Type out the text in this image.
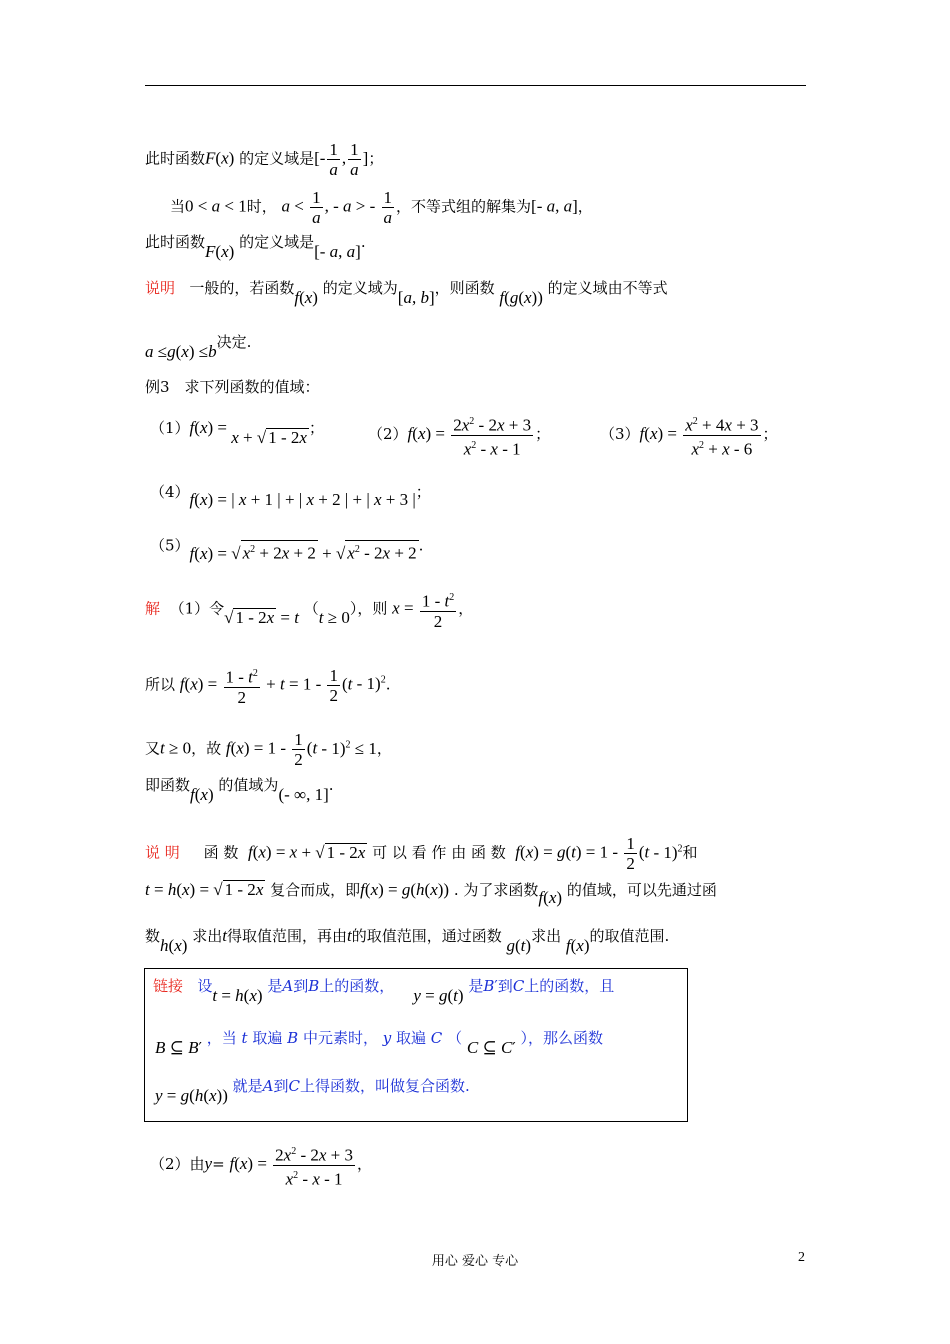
此时函数F(x) 的定义域是[- $\frac{1}{a}$ , $\frac{1}{a}$ ]；
当0 < a < 1时， $a < \frac{1}{a}$ , - a > - $\frac{1}{a}$ ，不等式组的解集为[- a, a]，
此时函数F(x) 的定义域是[- a, a].
说明 一般的，若函数f(x) 的定义域为[a, b]，则函数 f(g(x)) 的定义域由不等式
a ≤g(x) ≤b决定.
例3　求下列函数的值域：
（1）f(x) = x + √ 1 - 2x ；	$(2)f(x) = \frac{2x^2 - 2x + 3}{x^2 - x - 1}$ ；	$(3)f(x) = \frac{x^2 + 4x + 3}{x^2 + x - 6}$ ；
（4）f(x) = | x + 1 | + | x + 2 | + | x + 3 |；
（5）f(x) = √ $x^2 + 2x + 2$ + √ $x^2 - 2x + 2$ .
解 （1）令√ 1 - 2x = t （t ≥ 0），则 $x = \frac{1 - t^2}{2}$ ，
所以 $f(x) = \frac{1 - t^2}{2} + t = 1 - \frac{1}{2} (t - 1)^2$.
又t ≥ 0，故 $f(x) = 1 - \frac{1}{2} (t - 1)^2 \le 1$，
即函数f(x) 的值域为(- ∞, 1].
说 明 函 数 f(x) = x + √ 1 - 2x 可 以 看 作 由 函 数 $f(x) = g(t) = 1 - \frac{1}{2} (t - 1)^2$和
t = h(x) = √ 1 - 2x 复合而成，即f(x) = g(h(x)) . 为了求函数f(x) 的值域，可以先通过函
数h(x) 求出t得取值范围，再由t的取值范围，通过函数 g(t)求出 f(x)的取值范围.
链接 设t = h(x) 是A到B上的函数， y = g(t) 是B′到C上的函数，且
B ⊆ B′ ，当 t 取遍 B 中元素时， y 取遍 C （ C ⊆ C′ ），那么函数
y = g(h(x)) 就是A到C上得函数，叫做复合函数.
（2）由$y= f(x) = \frac{2x^2 - 2x + 3}{x^2 - x - 1}$ ，
用心 爱心 专心	2
